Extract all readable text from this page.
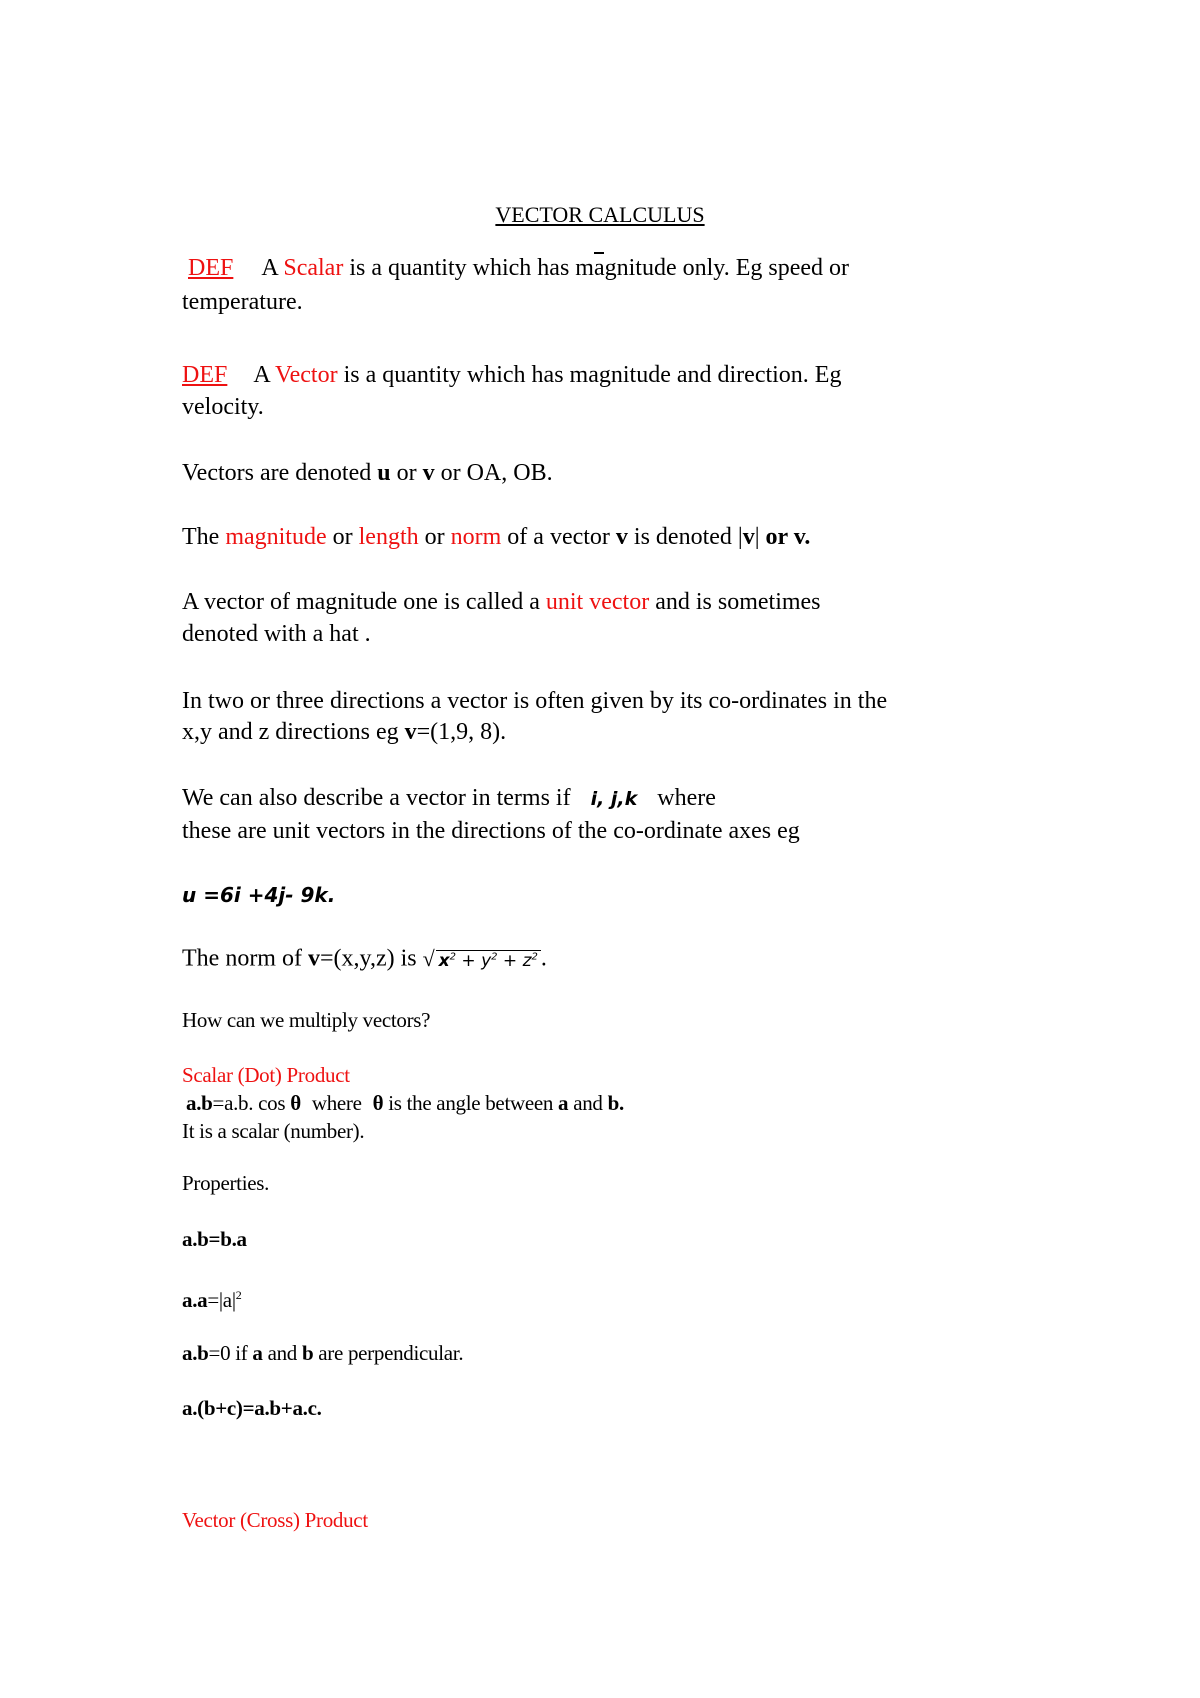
VECTOR CALCULUS
DEF A Scalar is a quantity which has magnitude only. Eg speed or
temperature.
DEF A Vector is a quantity which has magnitude and direction. Eg
velocity.
Vectors are denoted u or v or OA, OB.
The magnitude or length or norm of a vector v is denoted |v| or v.
A vector of magnitude one is called a unit vector and is sometimes
denoted with a hat .
In two or three directions a vector is often given by its co-ordinates in the
x,y and z directions eg v=(1,9, 8).
We can also describe a vector in terms if i, j,k where
these are unit vectors in the directions of the co-ordinate axes eg
u =6i +4j- 9k.
The norm of v=(x,y,z) is √ $x^2 + y^2 + z^2$ .
How can we multiply vectors?
Scalar (Dot) Product
a.b=a.b. cos θ where θ is the angle between a and b.
It is a scalar (number).
Properties.
a.b=b.a
$a.a=|a|^2$
a.b=0 if a and b are perpendicular.
a.(b+c)=a.b+a.c.
Vector (Cross) Product
